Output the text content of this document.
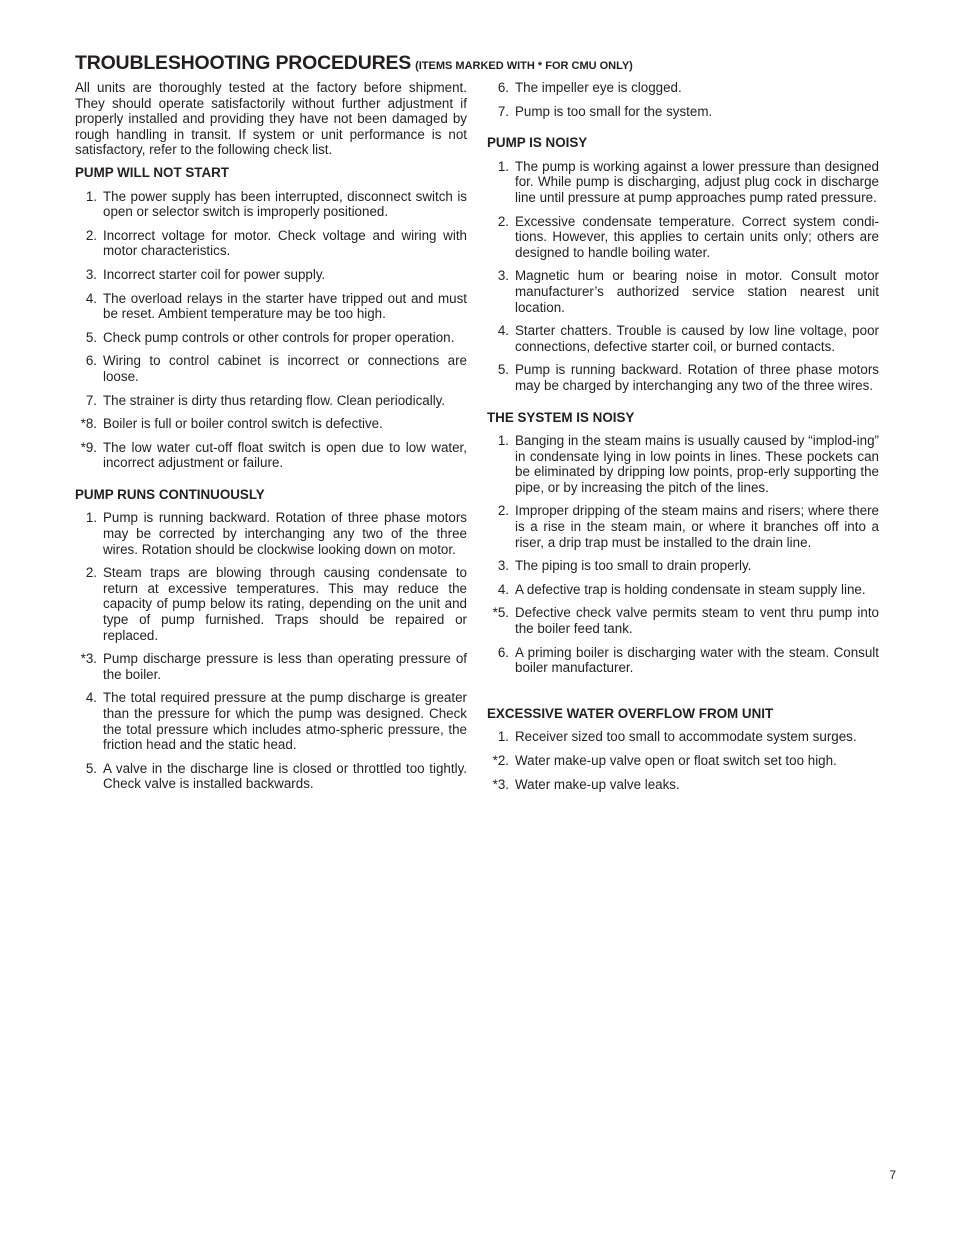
TROUBLESHOOTING PROCEDURES (ITEMS MARKED WITH * FOR CMU ONLY)

All units are thoroughly tested at the factory before shipment. They should operate satisfactorily without further adjustment if properly installed and providing they have not been damaged by rough handling in transit. If system or unit performance is not satisfactory, refer to the following check list.

PUMP WILL NOT START
1. The power supply has been interrupted, disconnect switch is open or selector switch is improperly positioned.
2. Incorrect voltage for motor. Check voltage and wiring with motor characteristics.
3. Incorrect starter coil for power supply.
4. The overload relays in the starter have tripped out and must be reset. Ambient temperature may be too high.
5. Check pump controls or other controls for proper operation.
6. Wiring to control cabinet is incorrect or connections are loose.
7. The strainer is dirty thus retarding flow. Clean periodically.
*8. Boiler is full or boiler control switch is defective.
*9. The low water cut-off float switch is open due to low water, incorrect adjustment or failure.
PUMP RUNS CONTINUOUSLY
1. Pump is running backward. Rotation of three phase motors may be corrected by interchanging any two of the three wires. Rotation should be clockwise looking down on motor.
2. Steam traps are blowing through causing condensate to return at excessive temperatures. This may reduce the capacity of pump below its rating, depending on the unit and type of pump furnished. Traps should be repaired or replaced.
*3. Pump discharge pressure is less than operating pressure of the boiler.
4. The total required pressure at the pump discharge is greater than the pressure for which the pump was designed. Check the total pressure which includes atmo-spheric pressure, the friction head and the static head.
5. A valve in the discharge line is closed or throttled too tightly. Check valve is installed backwards.
6. The impeller eye is clogged.
7. Pump is too small for the system.
PUMP IS NOISY
1. The pump is working against a lower pressure than designed for. While pump is discharging, adjust plug cock in discharge line until pressure at pump approaches pump rated pressure.
2. Excessive condensate temperature. Correct system condi-tions. However, this applies to certain units only; others are designed to handle boiling water.
3. Magnetic hum or bearing noise in motor. Consult motor manufacturer’s authorized service station nearest unit location.
4. Starter chatters. Trouble is caused by low line voltage, poor connections, defective starter coil, or burned contacts.
5. Pump is running backward. Rotation of three phase motors may be charged by interchanging any two of the three wires.
THE SYSTEM IS NOISY
1. Banging in the steam mains is usually caused by “implod-ing” in condensate lying in low points in lines. These pockets can be eliminated by dripping low points, prop-erly supporting the pipe, or by increasing the pitch of the lines.
2. Improper dripping of the steam mains and risers; where there is a rise in the steam main, or where it branches off into a riser, a drip trap must be installed to the drain line.
3. The piping is too small to drain properly.
4. A defective trap is holding condensate in steam supply line.
*5. Defective check valve permits steam to vent thru pump into the boiler feed tank.
6. A priming boiler is discharging water with the steam. Consult boiler manufacturer.
EXCESSIVE WATER OVERFLOW FROM UNIT
1. Receiver sized too small to accommodate system surges.
*2. Water make-up valve open or float switch set too high.
*3. Water make-up valve leaks.
7
